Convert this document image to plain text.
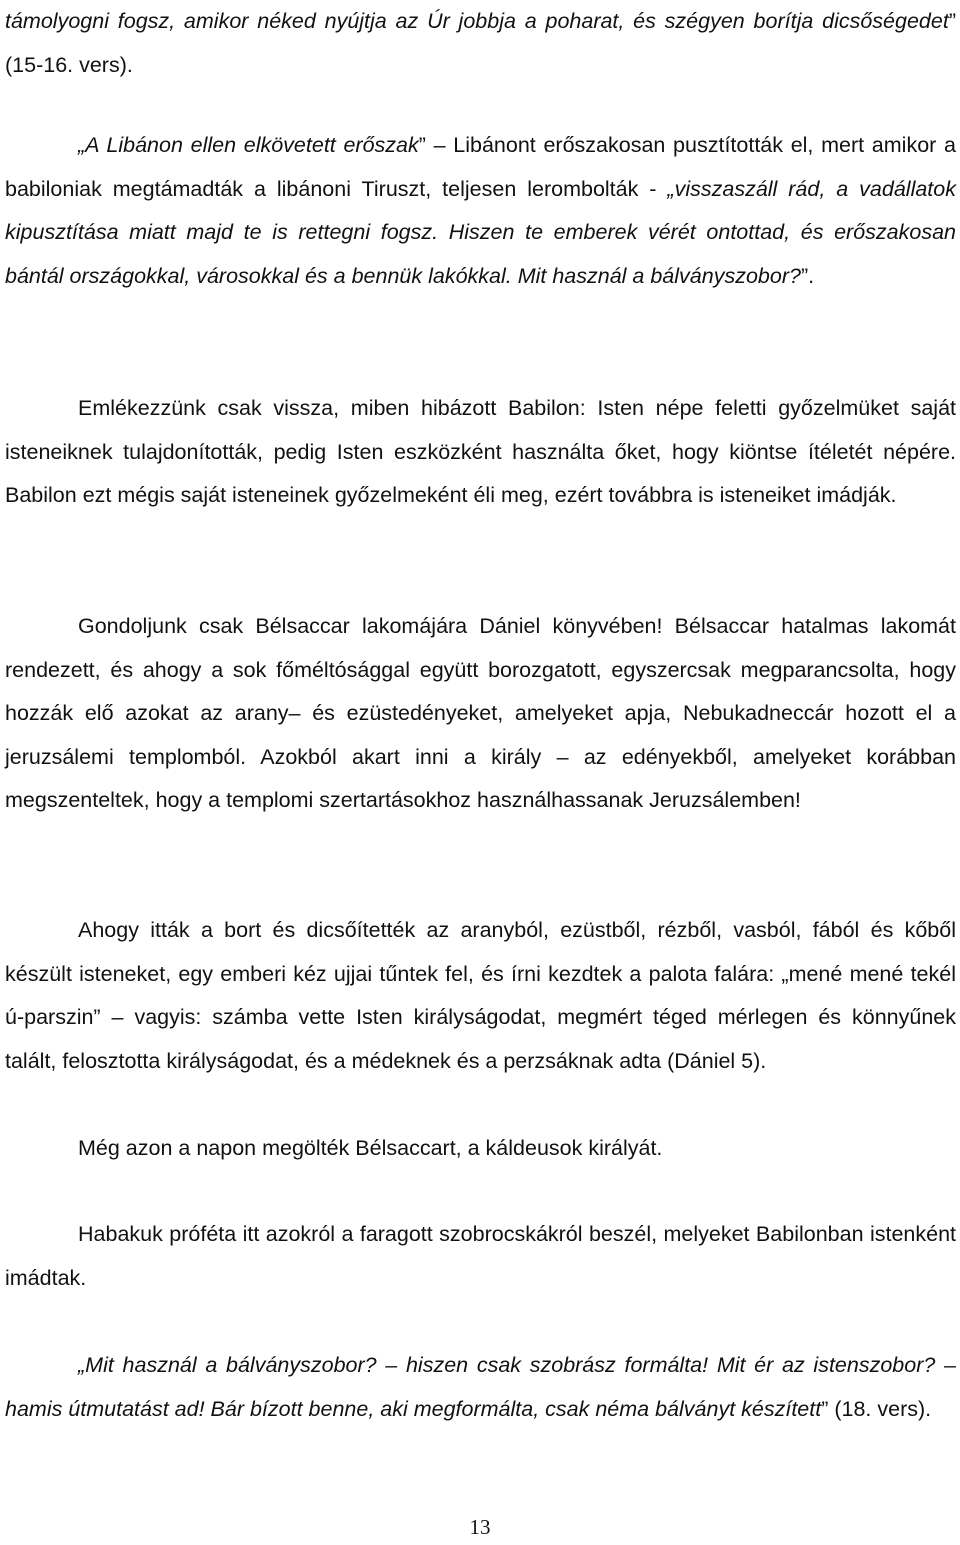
támolyogni fogsz, amikor néked nyújtja az Úr jobbja a poharat, és szégyen borítja dicsőségedet” (15-16. vers).

„A Libánon ellen elkövetett erőszak” – Libánont erőszakosan pusztították el, mert amikor a babiloniak megtámadták a libánoni Tiruszt, teljesen lerombolták - „visszaszáll rád, a vadállatok kipusztítása miatt majd te is rettegni fogsz. Hiszen te emberek vérét ontottad, és erőszakosan bántál országokkal, városokkal és a bennük lakókkal. Mit használ a bálványszobor?”.

Emlékezzünk csak vissza, miben hibázott Babilon: Isten népe feletti győzelmüket saját isteneiknek tulajdonították, pedig Isten eszközként használta őket, hogy kiöntse ítéletét népére. Babilon ezt mégis saját isteneinek győzelmeként éli meg, ezért továbbra is isteneiket imádják.

Gondoljunk csak Bélsaccar lakomájára Dániel könyvében! Bélsaccar hatalmas lakomát rendezett, és ahogy a sok főméltósággal együtt borozgatott, egyszercsak megparancsolta, hogy hozzák elő azokat az arany– és ezüstedényeket, amelyeket apja, Nebukadneccár hozott el a jeruzsálemi templomból. Azokból akart inni a király – az edényekből, amelyeket korábban megszenteltek, hogy a templomi szertartásokhoz használhassanak Jeruzsálemben!

Ahogy itták a bort és dicsőítették az aranyból, ezüstből, rézből, vasból, fából és kőből készült isteneket, egy emberi kéz ujjai tűntek fel, és írni kezdtek a palota falára: „mené mené tekél ú-parszin” – vagyis: számba vette Isten királyságodat, megmért téged mérlegen és könnyűnek talált, felosztotta királyságodat, és a médeknek és a perzsáknak adta (Dániel 5).

Még azon a napon megölték Bélsaccart, a káldeusok királyát.

Habakuk próféta itt azokról a faragott szobrocskákról beszél, melyeket Babilonban istenként imádtak.

„Mit használ a bálványszobor? – hiszen csak szobrász formálta! Mit ér az istenszobor? – hamis útmutatást ad! Bár bízott benne, aki megformálta, csak néma bálványt készített” (18. vers).

13
